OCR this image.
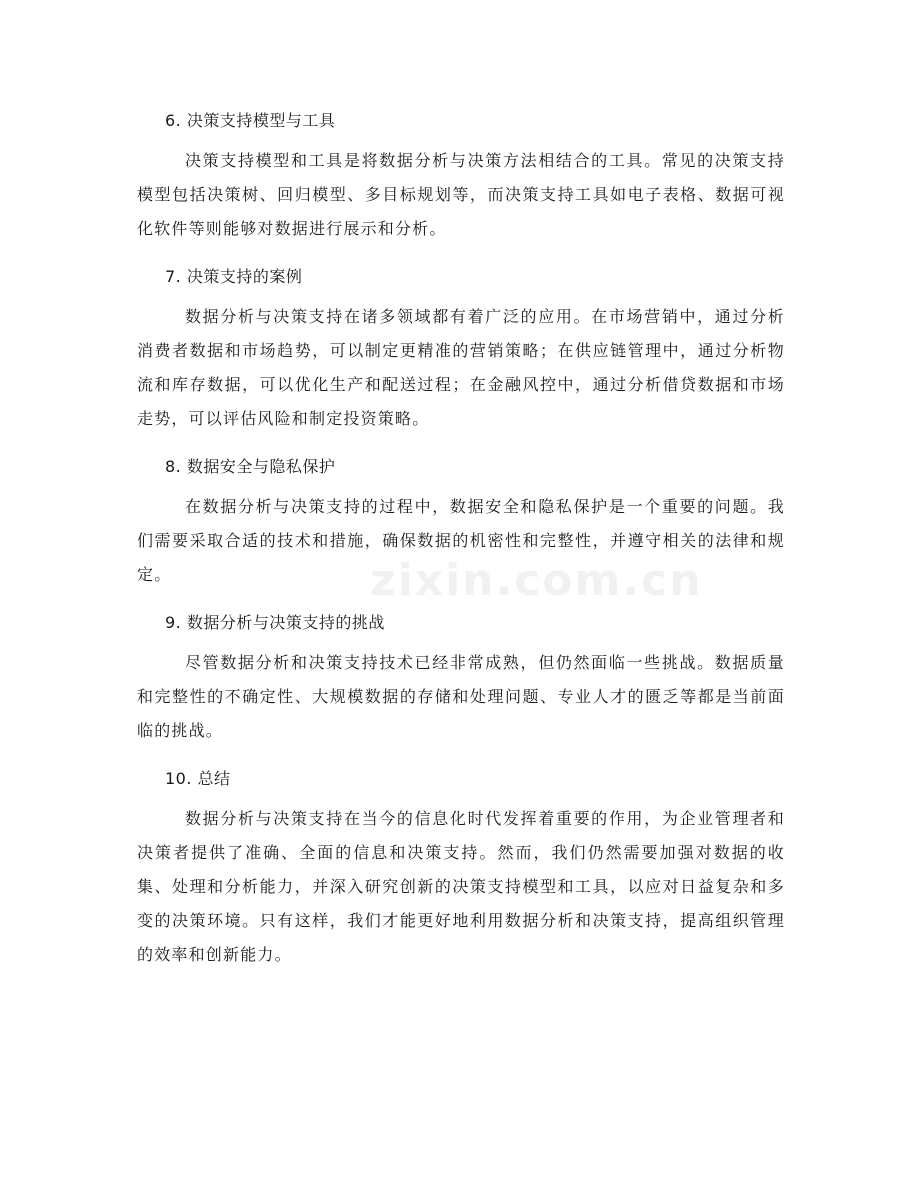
6. 决策支持模型与工具

决策支持模型和工具是将数据分析与决策方法相结合的工具。常见的决策支持模型包括决策树、回归模型、多目标规划等，而决策支持工具如电子表格、数据可视化软件等则能够对数据进行展示和分析。

7. 决策支持的案例

数据分析与决策支持在诸多领域都有着广泛的应用。在市场营销中，通过分析消费者数据和市场趋势，可以制定更精准的营销策略；在供应链管理中，通过分析物流和库存数据，可以优化生产和配送过程；在金融风控中，通过分析借贷数据和市场走势，可以评估风险和制定投资策略。

8. 数据安全与隐私保护

在数据分析与决策支持的过程中，数据安全和隐私保护是一个重要的问题。我们需要采取合适的技术和措施，确保数据的机密性和完整性，并遵守相关的法律和规定。

9. 数据分析与决策支持的挑战

尽管数据分析和决策支持技术已经非常成熟，但仍然面临一些挑战。数据质量和完整性的不确定性、大规模数据的存储和处理问题、专业人才的匮乏等都是当前面临的挑战。

10. 总结

数据分析与决策支持在当今的信息化时代发挥着重要的作用，为企业管理者和决策者提供了准确、全面的信息和决策支持。然而，我们仍然需要加强对数据的收集、处理和分析能力，并深入研究创新的决策支持模型和工具，以应对日益复杂和多变的决策环境。只有这样，我们才能更好地利用数据分析和决策支持，提高组织管理的效率和创新能力。

zixin.com.cn
